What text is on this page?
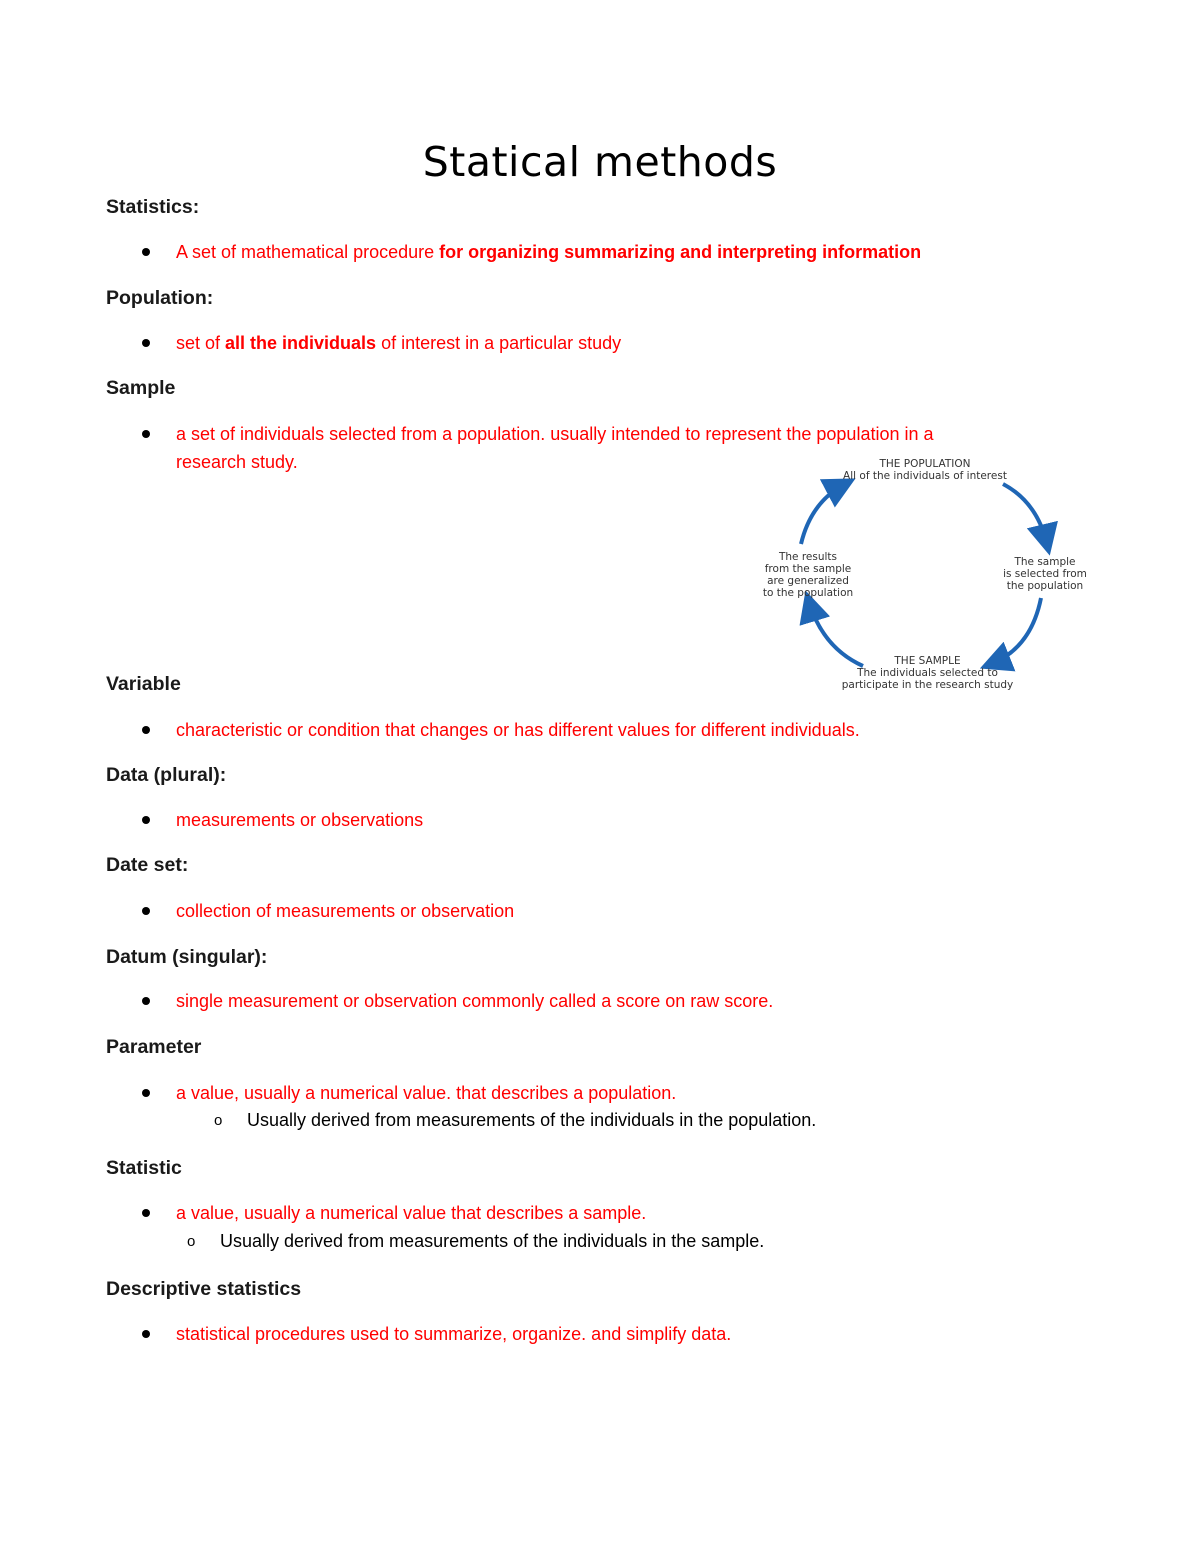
Statical methods
Statistics:
A set of mathematical procedure for organizing summarizing and interpreting information
Population:
set of all the individuals of interest in a particular study
Sample
a set of individuals selected from a population. usually intended to represent the population in a
research study.	THE POPULATION
All of the individuals of interest
The sample
is selected from
the population
THE SAMPLE
The individuals selected to
participate in the research study
The results
from the sample
are generalized
to the population
Variable
characteristic or condition that changes or has different values for different individuals.
Data (plural):
measurements or observations
Date set:
collection of measurements or observation
Datum (singular):
single measurement or observation commonly called a score on raw score.
Parameter
a value, usually a numerical value. that describes a population.
o Usually derived from measurements of the individuals in the population.
Statistic
a value, usually a numerical value that describes a sample.
o Usually derived from measurements of the individuals in the sample.
Descriptive statistics
statistical procedures used to summarize, organize. and simplify data.
